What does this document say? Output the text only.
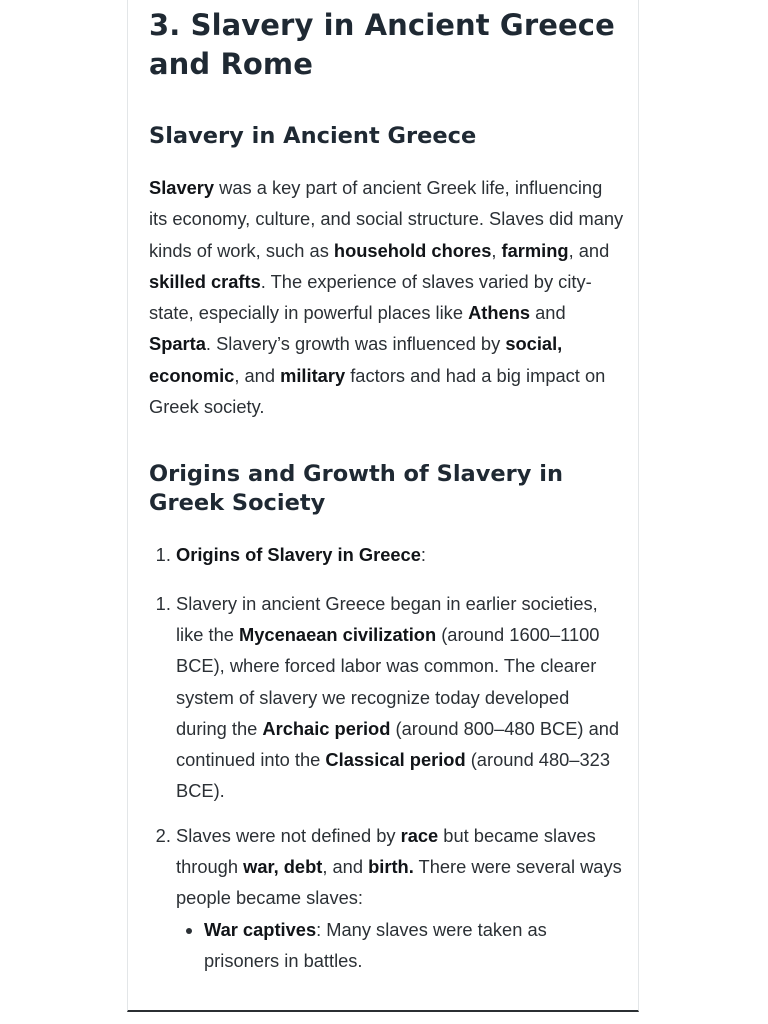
3. Slavery in Ancient Greece and Rome
Slavery in Ancient Greece

Slavery was a key part of ancient Greek life, influencing its economy, culture, and social structure. Slaves did many kinds of work, such as household chores, farming, and skilled crafts. The experience of slaves varied by city-state, especially in powerful places like Athens and Sparta. Slavery’s growth was influenced by social, economic, and military factors and had a big impact on Greek society.

Origins and Growth of Slavery in Greek Society
1. Origins of Slavery in Greece:
1. Slavery in ancient Greece began in earlier societies, like the Mycenaean civilization (around 1600–1100 BCE), where forced labor was common. The clearer system of slavery we recognize today developed during the Archaic period (around 800–480 BCE) and continued into the Classical period (around 480–323 BCE).
2. Slaves were not defined by race but became slaves through war, debt, and birth. There were several ways people became slaves:
• War captives: Many slaves were taken as prisoners in battles.
